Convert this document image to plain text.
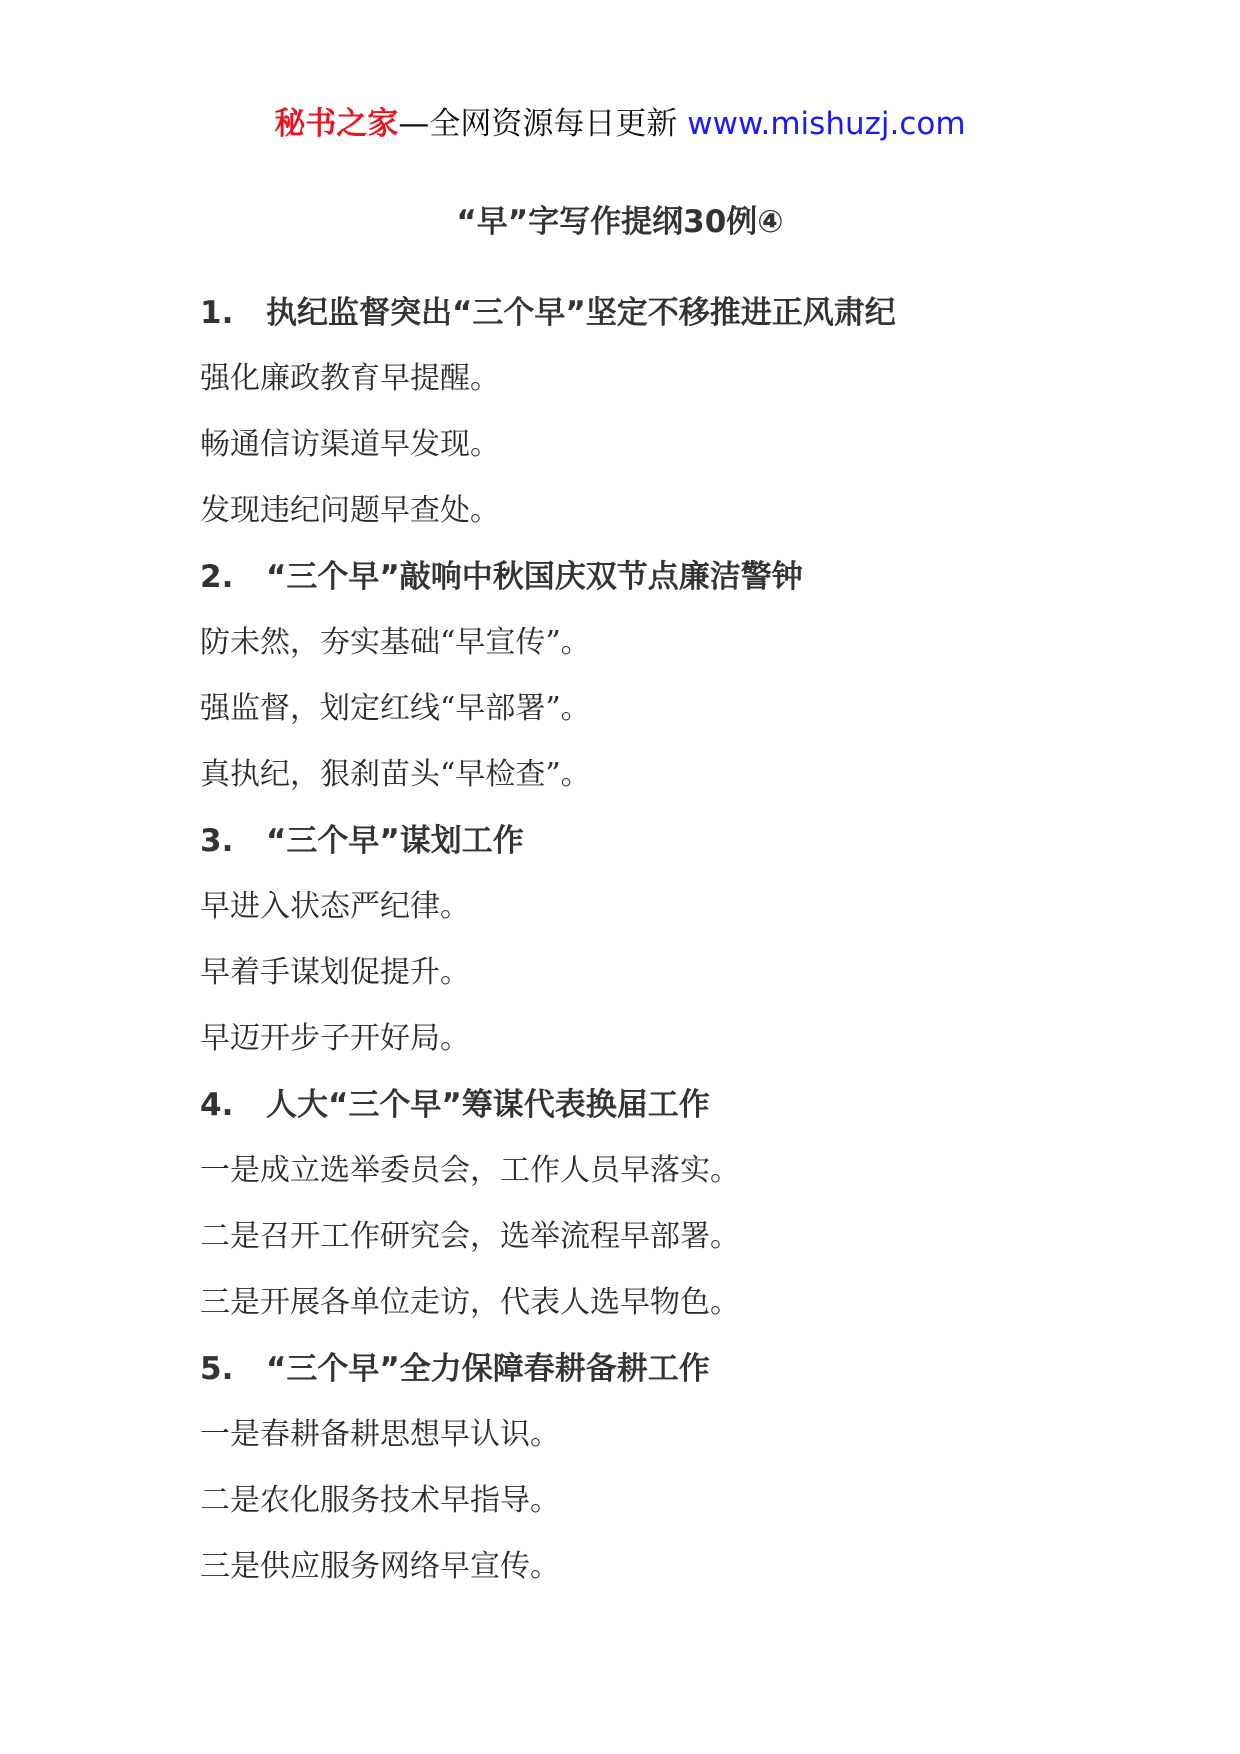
秘书之家—全网资源每日更新 www.mishuzj.com
“早”字写作提纲30例④
1. 执纪监督突出“三个早”坚定不移推进正风肃纪
强化廉政教育早提醒。
畅通信访渠道早发现。
发现违纪问题早查处。
2. “三个早”敲响中秋国庆双节点廉洁警钟
防未然，夯实基础“早宣传”。
强监督，划定红线“早部署”。
真执纪，狠刹苗头“早检查”。
3. “三个早”谋划工作
早进入状态严纪律。
早着手谋划促提升。
早迈开步子开好局。
4. 人大“三个早”筹谋代表换届工作
一是成立选举委员会，工作人员早落实。
二是召开工作研究会，选举流程早部署。
三是开展各单位走访，代表人选早物色。
5. “三个早”全力保障春耕备耕工作
一是春耕备耕思想早认识。
二是农化服务技术早指导。
三是供应服务网络早宣传。
